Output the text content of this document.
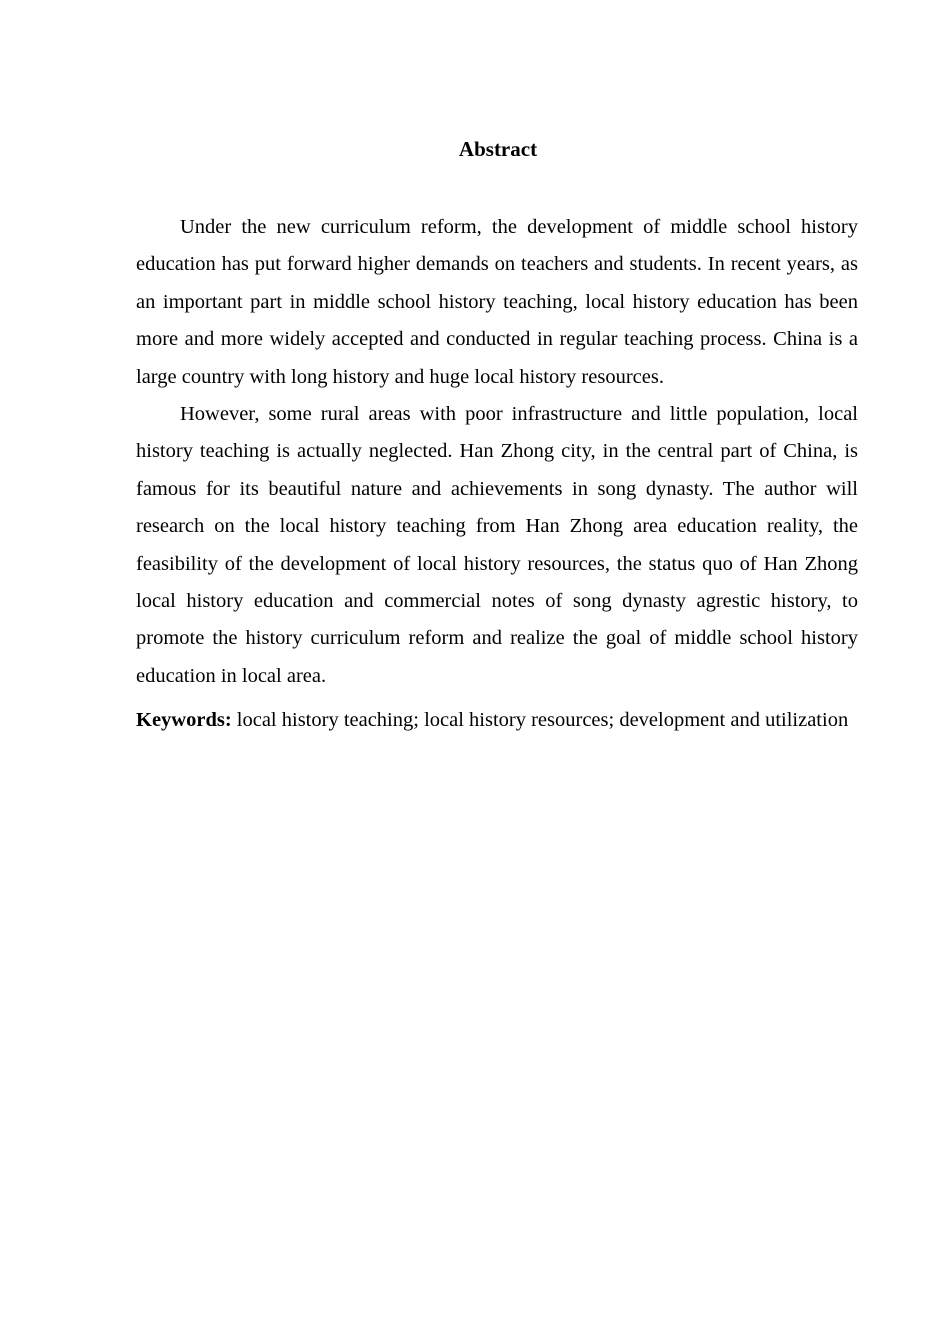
Abstract

Under the new curriculum reform, the development of middle school history education has put forward higher demands on teachers and students. In recent years, as an important part in middle school history teaching, local history education has been more and more widely accepted and conducted in regular teaching process. China is a large country with long history and huge local history resources.

However, some rural areas with poor infrastructure and little population, local history teaching is actually neglected. Han Zhong city, in the central part of China, is famous for its beautiful nature and achievements in song dynasty. The author will research on the local history teaching from Han Zhong area education reality, the feasibility of the development of local history resources, the status quo of Han Zhong local history education and commercial notes of song dynasty agrestic history, to promote the history curriculum reform and realize the goal of middle school history education in local area.

Keywords: local history teaching; local history resources; development and utilization
